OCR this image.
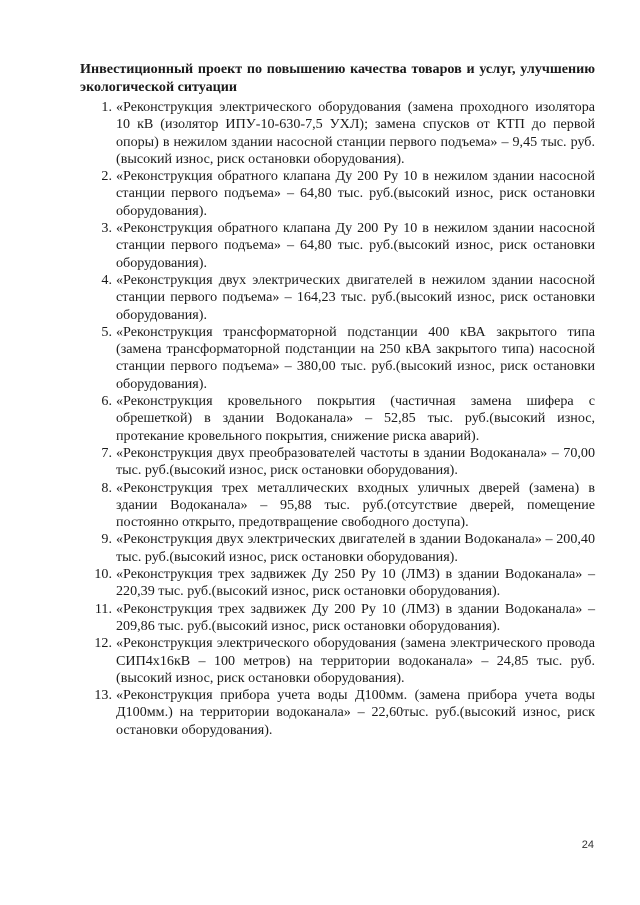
Инвестиционный проект по повышению качества товаров и услуг, улучшению экологической ситуации
1. «Реконструкция электрического оборудования (замена проходного изолятора 10 кВ (изолятор ИПУ-10-630-7,5 УХЛ); замена спусков от КТП до первой опоры) в нежилом здании насосной станции первого подъема» – 9,45 тыс. руб. (высокий износ, риск остановки оборудования).
2. «Реконструкция обратного клапана Ду 200 Ру 10 в нежилом здании насосной станции первого подъема» – 64,80 тыс. руб.(высокий износ, риск остановки оборудования).
3. «Реконструкция обратного клапана Ду 200 Ру 10 в нежилом здании насосной станции первого подъема» – 64,80 тыс. руб.(высокий износ, риск остановки оборудования).
4. «Реконструкция двух электрических двигателей в нежилом здании насосной станции первого подъема» – 164,23 тыс. руб.(высокий износ, риск остановки оборудования).
5. «Реконструкция трансформаторной подстанции 400 кВА закрытого типа (замена трансформаторной подстанции на 250 кВА закрытого типа) насосной станции первого подъема» – 380,00 тыс. руб.(высокий износ, риск остановки оборудования).
6. «Реконструкция кровельного покрытия (частичная замена шифера с обрешеткой) в здании Водоканала» – 52,85 тыс. руб.(высокий износ, протекание кровельного покрытия, снижение риска аварий).
7. «Реконструкция двух преобразователей частоты в здании Водоканала» – 70,00 тыс. руб.(высокий износ, риск остановки оборудования).
8. «Реконструкция трех металлических входных уличных дверей (замена) в здании Водоканала» – 95,88 тыс. руб.(отсутствие дверей, помещение постоянно открыто, предотвращение свободного доступа).
9. «Реконструкция двух электрических двигателей в здании Водоканала» – 200,40 тыс. руб.(высокий износ, риск остановки оборудования).
10. «Реконструкция трех задвижек Ду 250 Ру 10 (ЛМЗ) в здании Водоканала» – 220,39 тыс. руб.(высокий износ, риск остановки оборудования).
11. «Реконструкция трех задвижек Ду 200 Ру 10 (ЛМЗ) в здании Водоканала» – 209,86 тыс. руб.(высокий износ, риск остановки оборудования).
12. «Реконструкция электрического оборудования (замена электрического провода СИП4х16кВ – 100 метров) на территории водоканала» – 24,85 тыс. руб.(высокий износ, риск остановки оборудования).
13. «Реконструкция прибора учета воды Д100мм. (замена прибора учета воды Д100мм.) на территории водоканала» – 22,60тыс. руб.(высокий износ, риск остановки оборудования).
24
